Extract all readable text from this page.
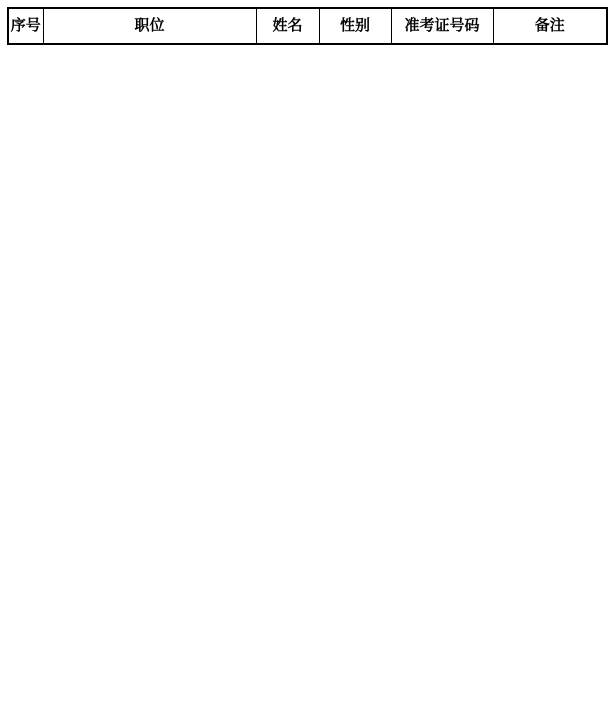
序号	职位	姓名	性别	准考证号码	备注
